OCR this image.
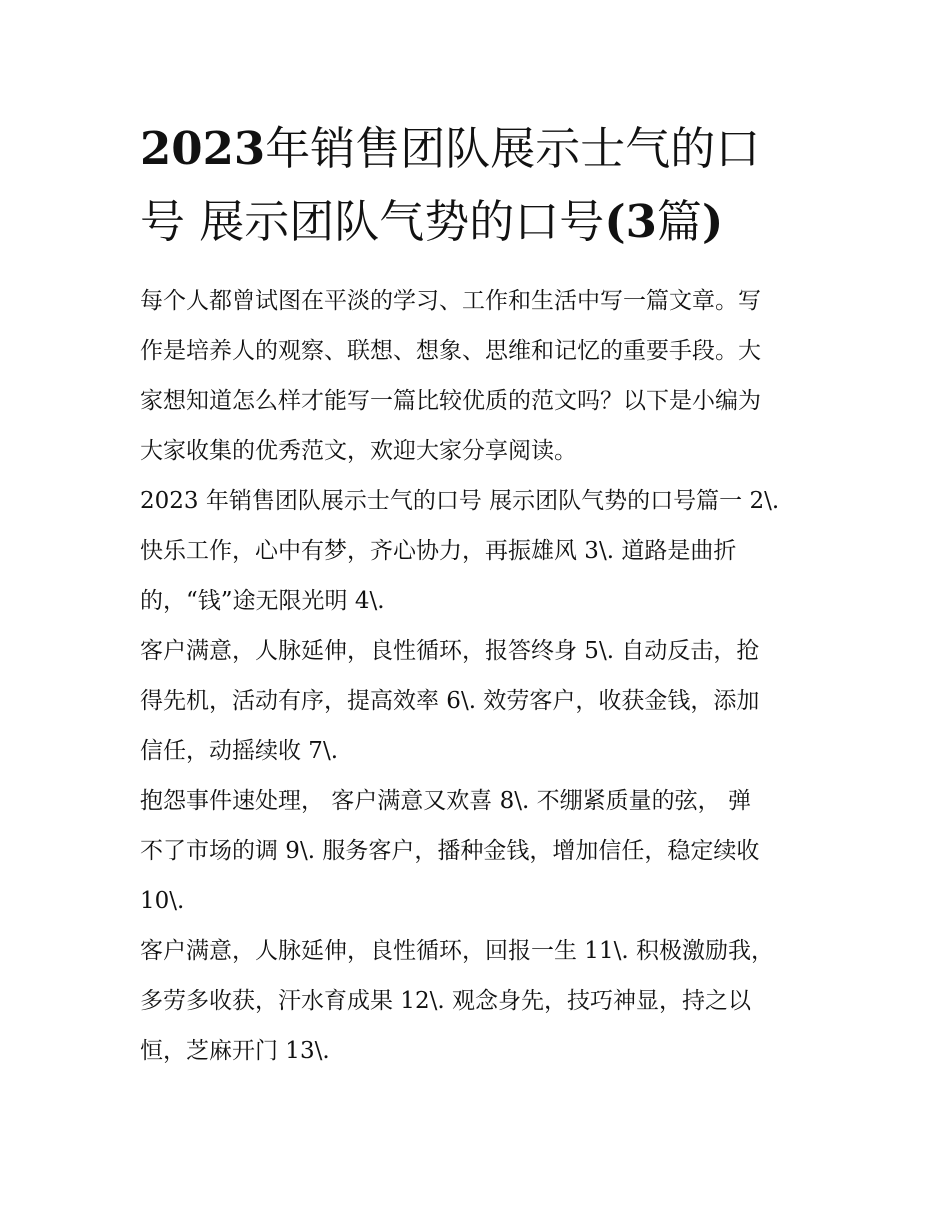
2023年销售团队展示士气的口
号 展示团队气势的口号(3篇)

每个人都曾试图在平淡的学习、工作和生活中写一篇文章。写
作是培养人的观察、联想、想象、思维和记忆的重要手段。大
家想知道怎么样才能写一篇比较优质的范文吗？以下是小编为
大家收集的优秀范文，欢迎大家分享阅读。

2023 年销售团队展示士气的口号 展示团队气势的口号篇一 2\.
快乐工作，心中有梦，齐心协力，再振雄风 3\. 道路是曲折
的，“钱”途无限光明 4\.

客户满意，人脉延伸，良性循环，报答终身 5\. 自动反击，抢
得先机，活动有序，提高效率 6\. 效劳客户，收获金钱，添加
信任，动摇续收 7\.

抱怨事件速处理， 客户满意又欢喜 8\. 不绷紧质量的弦， 弹
不了市场的调 9\. 服务客户，播种金钱，增加信任，稳定续收
10\.

客户满意，人脉延伸，良性循环，回报一生 11\. 积极激励我，
多劳多收获，汗水育成果 12\. 观念身先，技巧神显，持之以
恒，芝麻开门 13\.
